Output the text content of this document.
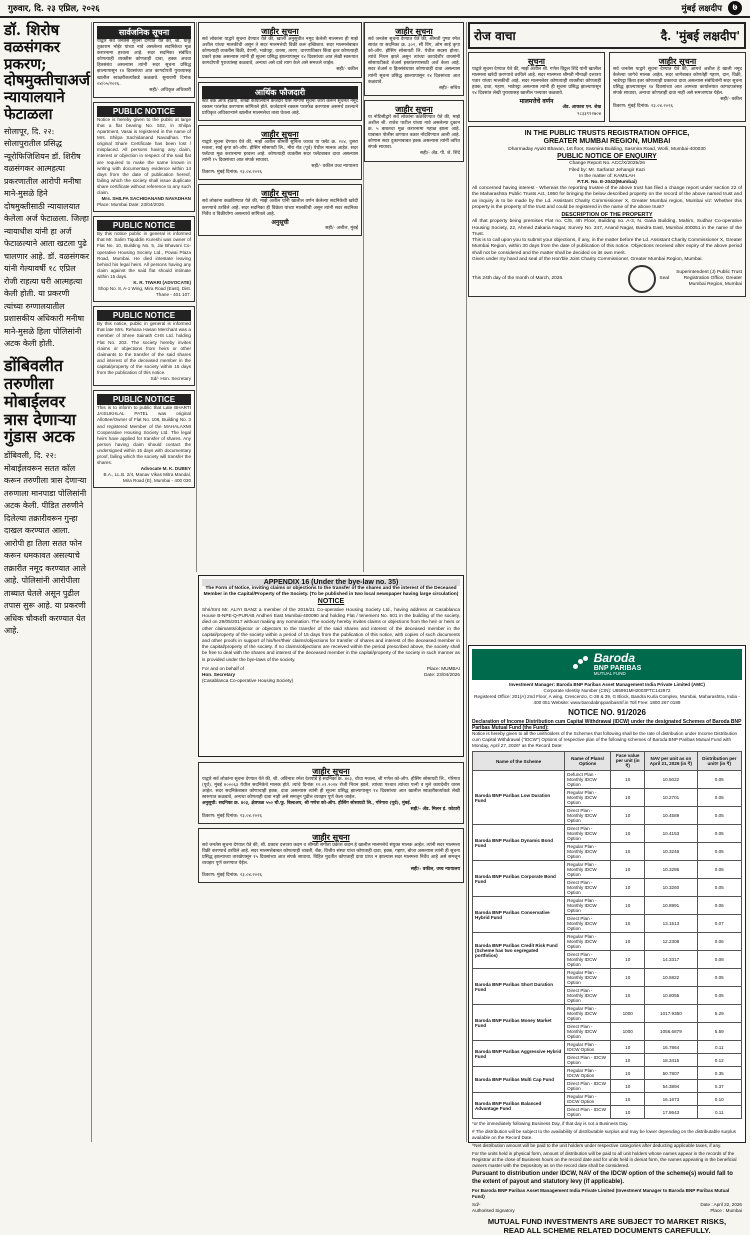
गुरुवार, दि. २३ एप्रिल, २०२६	मुंबई लक्षदीप	७
डॉ. शिरोष वळसंगकर प्रकरण; दोषमुक्तीचाअर्ज न्यायालयाने फेटाळला
सोलापूर, दि. २२: सोलापुरातील प्रसिद्ध न्यूरोफिजिशियन डॉ. शिरीष वळसंगकर आत्महत्या प्रकरणातील आरोपी मनीषा माने-मुसळे हिने दोषमुक्तीसाठी न्यायालयात केलेला अर्ज फेटाळला. जिल्हा न्यायाधीश यांनी हा अर्ज फेटाळल्याने आता खटला पुढे चालणार आहे. डॉ. वळसंगकर यांनी गेल्यावर्षी १८ एप्रिल रोजी राहत्या घरी आत्महत्या केली होती. या प्रकरणी त्यांच्या रुग्णालयातील प्रशासकीय अधिकारी मनीषा माने-मुसळे हिला पोलिसांनी अटक केली होती.
डोंबिवलीत तरुणीला मोबाईलवर त्रास देणाऱ्या गुंडास अटक
डोंबिवली, दि. २२: मोबाईलवरून सतत कॉल करून तरुणीला त्रास देणाऱ्या तरुणाला मानपाडा पोलिसांनी अटक केली. पीडित तरुणीने दिलेल्या तक्रारीवरून गुन्हा दाखल करण्यात आला. आरोपी हा तिला सतत फोन करून धमकावत असल्याचे तक्रारीत नमूद करण्यात आले आहे. पोलिसांनी आरोपीला ताब्यात घेतले असून पुढील तपास सुरू आहे. या प्रकरणी अधिक चौकशी करण्यात येत आहे.
सार्वजनिक सूचना
याद्वारे सर्व जनतेस सूचना देण्यात येते की, श्री. धाकू तुकाराम भोईर यांच्या नावे असलेल्या सदनिकेचा मूळ करारनामा हरवला आहे. सदर सदनिका संबंधित कोणत्याही व्यक्तीस कोणताही दावा, हक्क अथवा हितसंबंध असल्यास त्यांनी सदर सूचना प्रसिद्ध झाल्यापासून १४ दिवसांच्या आत कागदोपत्री पुराव्यासह खालील स्वाक्षरीकर्त्यांकडे कळवावे. सुनावणी दिनांक ०४/०५/२०२६.
सही/- अधिकृत अधिकारी
PUBLIC NOTICE
Notice is hereby given to the public at large that a flat bearing No. 502, in Shilpa Apartment, Vasai is registered in the name of Mrs. Shilpa Sachidanand Navadhan. The original Share Certificate has been lost / misplaced. All persons having any claim, interest or objection in respect of the said flat are required to make the same known in writing with documentary evidence within 14 days from the date of publication hereof, failing which the society shall issue duplicate share certificate without reference to any such claim.
Mrs. SHILPA SACHIDANAND NAVADHAN
Place: Mumbai Date: 23/04/2026
PUBLIC NOTICE
By this notice public in general is informed that Mr. Salim Tajuddin Kureshi was owner of Flat No. 10, Building No. 5, Jai Bhavani Co-operative Housing Society Ltd., Powai Plaza Road, Mumbai. He died intestate leaving behind his legal heirs. All persons having any claim against the said flat should intimate within 15 days.
K. R. TIWARI (ADVOCATE)
Shop No. 8, A-1 Wing, Mira Road (East), Dist. Thane - 401 107.
PUBLIC NOTICE
By this notice, public in general is informed that late Mrs. Rehana Hasan Merchant was a member of Shree Sainath CHS Ltd. holding Flat No. 203. The society hereby invites claims or objections from heirs or other claimants to the transfer of the said shares and interest of the deceased member in the capital/property of the society within 15 days from the publication of this notice.
Sd/- Hon. Secretary
PUBLIC NOTICE
This is to inform to public that Late BHARTI JAISUKHLAL PATEL was original Allottee/Owner of Flat No. 106, Building No. 3 and registered Member of the MAHALAXMI Cooperative Housing Society Ltd. The legal heirs have applied for transfer of shares. Any person having claim should contact the undersigned within 15 days with documentary proof, failing which the society will transfer the shares.
Advocate M. K. DUBEY
B.A., LL.B. 2/4, Manav Vikas Mitra Mandal, Mira Road (E), Mumbai - 400 030
जाहीर सूचना
सर्व लोकांना याद्वारे सूचना देण्यात येते की, खाली अनुसूचीत नमूद केलेली मालमत्ता ही माझे अशील यांच्या मालकीची असून ते सदर मालमत्तेची विक्री करू इच्छितात. सदर मालमत्तेबाबत कोणत्याही व्यक्तीस विक्री, देणगी, भाडेपट्टा, वारसा, तारण, धारणाधिकार किंवा इतर कोणत्याही प्रकारे हक्क असल्यास त्यांनी ही सूचना प्रसिद्ध झाल्यापासून १४ दिवसांच्या आत लेखी स्वरूपात कागदोपत्री पुराव्यांसह कळवावे, अन्यथा असे दावे त्याग केले असे समजले जाईल.
सही/- वकील
आर्थिक फौजदारी
स्टेट बँक ऑफ इंडिया, शाखा कार्यालयाने कर्जदार यांस मागणी सूचना जारी करून सूचनेत नमूद रक्कम परतफेड करण्यास सांगितले होते. कर्जदाराने रक्कम परतफेड करण्यास असमर्थ ठरल्याने प्राधिकृत अधिकाऱ्याने खालील मालमत्तेचा ताबा घेतला आहे.
जाहीर सूचना
याद्वारे सूचना देण्यात येते की, माझे अशील श्रीमती सुनिता जाधव या फ्लॅट क्र. २०४, दुसरा मजला, साई कृपा को-ऑप. हौसिंग सोसायटी लि., मीरा रोड (पूर्व) येथील मालक आहेत. सदर फ्लॅटचा मूळ करारनामा हरवला आहे. कोणत्याही व्यक्तीस सदर फ्लॅटबाबत दावा असल्यास त्यांनी १५ दिवसांच्या आत संपर्क साधावा.
सही/- वकील उच्च न्यायालय
ठिकाण: मुंबई दिनांक: २३.०४.२०२६
जाहीर सूचना
सर्व लोकांना कळविण्यात येते की, माझे अशील यांनी खालील वर्णन केलेल्या सदनिकेची खरेदी करण्याचे ठरविले आहे. सदर सदनिका ही विक्रेता यांच्या मालकीची असून त्यांनी सदर सदनिका निर्वेध व विक्रीयोग्य असल्याचे सांगितले आहे.
अनुसूची
सही/- अशील, मुंबई
जाहीर सूचना
सर्व जनतेस सूचना देण्यात येते की, श्रीमती पुष्पा रमेश सावंत या सदनिका क्र. ३०२, सी विंग, ओम साई कृपा को-ऑप. हौसिंग सोसायटी लि. येथील सदस्य होत्या. त्यांचे निधन झाले असून त्यांच्या कायदेशीर वारसांनी सोसायटीकडे शेअर्स हस्तांतरणासाठी अर्ज केला आहे. सदर शेअर्स व हितसंबंधावर कोणाचाही दावा असल्यास त्यांनी सूचना प्रसिद्ध झाल्यापासून १४ दिवसांच्या आत कळवावे.
सही/- सचिव
जाहीर सूचना
या नोटिसीद्वारे सर्व लोकांना कळविण्यात येते की, माझे अशील श्री. राजेश पाटील यांच्या नावे असलेल्या दुकान क्र. ५ बाबतचा मूळ करारनामा गहाळ झाला आहे. याबाबत पोलीस ठाण्यात तक्रार नोंदविण्यात आली आहे. कोणास सदर दुकानाबाबत हक्क असल्यास त्यांनी त्वरित संपर्क साधावा.
सही/- ॲड. पी. जे. शिंदे
रोज वाचा	दै. 'मुंबई लक्षदीप'
सूचना
याद्वारे सूचना देण्यात येते की, माझे अशील श्री. गणेश विठ्ठल शिंदे यांनी खालील मालमत्ता खरेदी करण्याचे ठरविले आहे. सदर मालमत्ता श्रीमती मीनाक्षी दत्तात्रय पवार यांच्या मालकीची आहे. सदर मालमत्तेवर कोणत्याही व्यक्तीचा कोणताही हक्क, दावा, गहाण, भाडेपट्टा असल्यास त्यांनी ही सूचना प्रसिद्ध झाल्यापासून १४ दिवसांत लेखी पुराव्यासह खालील पत्त्यावर कळवावे.
मालमत्तेचे वर्णन
ॲड. आकाश एन. शेख
९८३३९९२७०४
जाहीर सूचना
सर्व जनतेस याद्वारे सूचना देण्यात येते की, आमचे अशील हे खाली नमूद केलेल्या जागेचे मालक आहेत. सदर जागेबाबत कोणतेही गहाण, दान, विक्री, भाडेपट्टा किंवा इतर कोणत्याही प्रकारचा दावा असल्यास संबंधितांनी सदर सूचना प्रसिद्ध झाल्यापासून १४ दिवसांच्या आत आमच्या कार्यालयात कागदपत्रांसह संपर्क साधावा, अन्यथा कोणताही दावा नाही असे समजण्यात येईल.
सही/- वकील
ठिकाण: मुंबई दिनांक: २३.०४.२०२६
IN THE PUBLIC TRUSTS REGISTRATION OFFICE,
GREATER MUMBAI REGION, MUMBAI
Dharmaday Ayukt Bhavan, 1st floor, Sasmira Building, Sasmira Road, Worli, Mumbai-400030
PUBLIC NOTICE OF ENQUIRY
Change Report No. ACC/X/2025/26
Filed by: Mr. Sarfaraz Jehangir Kazi
In the matter of: KAMILAH
P.T.R. No. E-2042(Mumbai)
All concerned having interest - Whereas the reporting trustee of the above trust has filed a change report under section 22 of the Maharashtra Public Trusts Act, 1950 for bringing the below described property on the record of the above named trust and an inquiry is to be made by the Ld. Assistant Charity Commissioner X, Greater Mumbai region, Mumbai viz: Whether this property is the property of the trust and could be registered in the name of the above trust?
DESCRIPTION OF THE PROPERTY
All that property being premises Flat no. C/5, 4th Floor, Building no. A-3, N. Gana Building, Mahim, Sudhar Co-operative Housing Society, 22, Ahmed Zakaria Nagar, Survey No. 247, Anand Nagar, Bandra East, Mumbai 400051 in the name of the Trust.
This is to call upon you to submit your objections, if any, in the matter before the Ld. Assistant Charity Commissioner X, Greater Mumbai Region, within 30 days from the date of publication of this notice. Objections received after expiry of the above period shall not be considered and the matter shall be decided on its own merit.
Given under my hand and seal of the Hon'ble Joint Charity Commissioner, Greater Mumbai Region, Mumbai.
This 24th day of the month of March, 2026.	Seal
Superintendent (J) Public Trust Registration Office, Greater Mumbai Region, Mumbai
APPENDIX 16 (Under the bye-law no. 35)
The Form of Notice, inviting claims or objections to the transfer of the shares and the interest of the Deceased Member in the Capital/Property of the Society. (To be published in two local newspaper having large circulation)
NOTICE
Shri/Smt Mr. ALIYI BANZ a member of the 2016/21 Co-operative Housing Society Ltd., having address at Casablanca House B-NPE-Q-PURAB Andheri East Mumbai-400090 and holding Flat / tenement No. 601 in the building of the society, died on 29/05/2017 without making any nomination. The society hereby invites claims or objections from the heir or heirs or other claimants/objector or objectors to the transfer of the said shares and interest of the deceased member in the capital/property of the society within a period of 15 days from the publication of this notice, with copies of such documents and other proofs in support of his/her/their claims/objections for transfer of shares and interest of the deceased member in the capital/property of the society. If no claims/objections are received within the period prescribed above, the society shall be free to deal with the shares and interest of the deceased member in the capital/property of the society in such manner as is provided under the bye-laws of the society.
For and on behalf of
Hon. Secretary
(Casablanca Co-operative Housing Society)
Place: MUMBAI
Date: 23/04/2026
जाहीर सूचना
याद्वारे सर्व लोकांना सूचना देण्यात येते की, श्री. अविनाश रमेश देशपांडे हे सदनिका क्र. ४०३, चौथा मजला, श्री गणेश को-ऑप. हौसिंग सोसायटी लि., गोरेगाव (पूर्व), मुंबई ४०००६३ येथील सदनिकेचे मालक होते. त्यांचे दिनांक १२.०१.२०२४ रोजी निधन झाले. त्यांच्या पश्चात त्यांच्या पत्नी व मुले कायदेशीर वारस आहेत. सदर सदनिकेबाबत कोणाचाही हक्क, दावा असल्यास त्यांनी ही सूचना प्रसिद्ध झाल्यापासून १४ दिवसांच्या आत खालील स्वाक्षरीकर्त्याकडे लेखी स्वरूपात कळवावे, अन्यथा कोणताही दावा नाही असे समजून पुढील व्यवहार पूर्ण केला जाईल.
अनुसूची: सदनिका क्र. ४०३, क्षेत्रफळ ५५० चौ.फू. बिल्टअप, श्री गणेश को-ऑप. हौसिंग सोसायटी लि., गोरेगाव (पूर्व), मुंबई.
सही/- ॲड. मिलन इं. कोठारी
ठिकाण: मुंबई दिनांक: २३.०४.२०२६
जाहीर सूचना
सर्व जनतेस सूचना देण्यात येते की, श्री. प्रकाश दत्तात्रय कदम व श्रीमती संगीता प्रकाश कदम हे खालील मालमत्तेचे संयुक्त मालक आहेत. त्यांनी सदर मालमत्ता विक्री करण्याचे ठरविले आहे. सदर मालमत्तेबाबत कोणत्याही व्यक्ती, बँक, वित्तीय संस्था यांचा कोणताही दावा, हक्क, गहाण, बोजा असल्यास त्यांनी ही सूचना प्रसिद्ध झाल्याच्या तारखेपासून १५ दिवसांच्या आत संपर्क साधावा. विहित मुदतीत कोणताही दावा प्राप्त न झाल्यास सदर मालमत्ता निर्वेध आहे असे समजून व्यवहार पूर्ण करण्यात येईल.
सही/- वकील, उच्च न्यायालय
ठिकाण: मुंबई दिनांक: २३.०४.२०२६
Baroda
BNP PARIBAS
MUTUAL FUND
Investment Manager: Baroda BNP Paribas Asset Management India Private Limited (AMC)
Corporate Identity Number (CIN): U65991MH2003PTC142972
Registered Office: 201(A) 2nd Floor, A wing, Crescenzo, C-38 & 39, G Block, Bandra Kurla Complex, Mumbai, Maharashtra, India - 400 051 Website: www.barodabnpparibasmf.in Toll Free: 1800 267 0189
NOTICE NO. 91/2026
Declaration of Income Distribution cum Capital Withdrawal (IDCW) under the designated Schemes of Baroda BNP Paribas Mutual Fund (the Fund):
Notice is hereby given to all the unitholders of the Schemes that following shall be the rate of distribution under Income Distribution cum Capital Withdrawal ("IDCW") Options of respective plan of the following schemes of Baroda BNP Paribas Mutual Fund with Monday, April 27, 2026* as the Record Date:
Name of the Scheme	Name of Plans/ Options	Face value per unit (in ₹)	NAV per unit as on April 21, 2026 (in ₹)	Distribution per unit# (in ₹)
Baroda BNP Paribas Low Duration Fund	Defunct Plan - Monthly IDCW Option	10	10.5022	0.05
	Regular Plan - Monthly IDCW Option	10	10.2701	0.05
	Direct Plan - Monthly IDCW Option	10	10.4589	0.05
Baroda BNP Paribas Dynamic Bond Fund	Direct Plan - Monthly IDCW Option	10	10.4153	0.05
	Regular Plan - Monthly IDCW Option	10	10.3246	0.05
Baroda BNP Paribas Corporate Bond Fund	Regular Plan - Monthly IDCW Option	10	10.3286	0.05
	Direct Plan - Monthly IDCW Option	10	10.3260	0.05
Baroda BNP Paribas Conservative Hybrid Fund	Regular Plan - Monthly IDCW Option	10	10.8991	0.06
	Direct Plan - Monthly IDCW Option	10	13.1513	0.07
Baroda BNP Paribas Credit Risk Fund (Scheme has two segregated portfolios)	Regular Plan - Monthly IDCW Option	10	12.2308	0.06
	Direct Plan - Monthly IDCW Option	10	14.3317	0.08
Baroda BNP Paribas Short Duration Fund	Regular Plan - Monthly IDCW Option	10	10.5822	0.05
	Direct Plan - Monthly IDCW Option	10	10.8055	0.05
Baroda BNP Paribas Money Market Fund	Regular Plan - Monthly IDCW Option	1000	1017.9350	5.29
	Direct Plan - Monthly IDCW Option	1000	1056.6879	5.59
Baroda BNP Paribas Aggressive Hybrid Fund	Regular Plan - IDCW Option	10	16.7864	0.11
	Direct Plan - IDCW Option	10	18.3415	0.12
Baroda BNP Paribas Multi Cap Fund	Regular Plan - IDCW Option	10	50.7807	0.35
	Direct Plan - IDCW Option	10	54.3894	0.37
Baroda BNP Paribas Balanced Advantage Fund	Regular Plan - IDCW Option	10	16.1673	0.10
	Direct Plan - IDCW Option	10	17.8643	0.11
*or the immediately following Business Day, if that day is not a Business Day.
# The distribution will be subject to the availability of distributable surplus and may be lower depending on the distributable surplus available on the Record Date.
^Net distribution amount will be paid to the unit holders under respective categories after deducting applicable taxes, if any.
For the units held in physical form, amount of distribution will be paid to all unit holders whose names appear in the records of the Registrar at the close of Business hours on the record date and for units held in demat form, the names appearing in the beneficial owners master with the Depository as on the record date shall be considered.
Pursuant to distribution under IDCW, NAV of the IDCW option of the scheme(s) would fall to the extent of payout and statutory levy (if applicable).
For Baroda BNP Paribas Asset Management India Private Limited (Investment Manager to Baroda BNP Paribas Mutual Fund)
Sd/-
Authorised Signatory
Date : April 22, 2026
Place : Mumbai
MUTUAL FUND INVESTMENTS ARE SUBJECT TO MARKET RISKS,
READ ALL SCHEME RELATED DOCUMENTS CAREFULLY.
